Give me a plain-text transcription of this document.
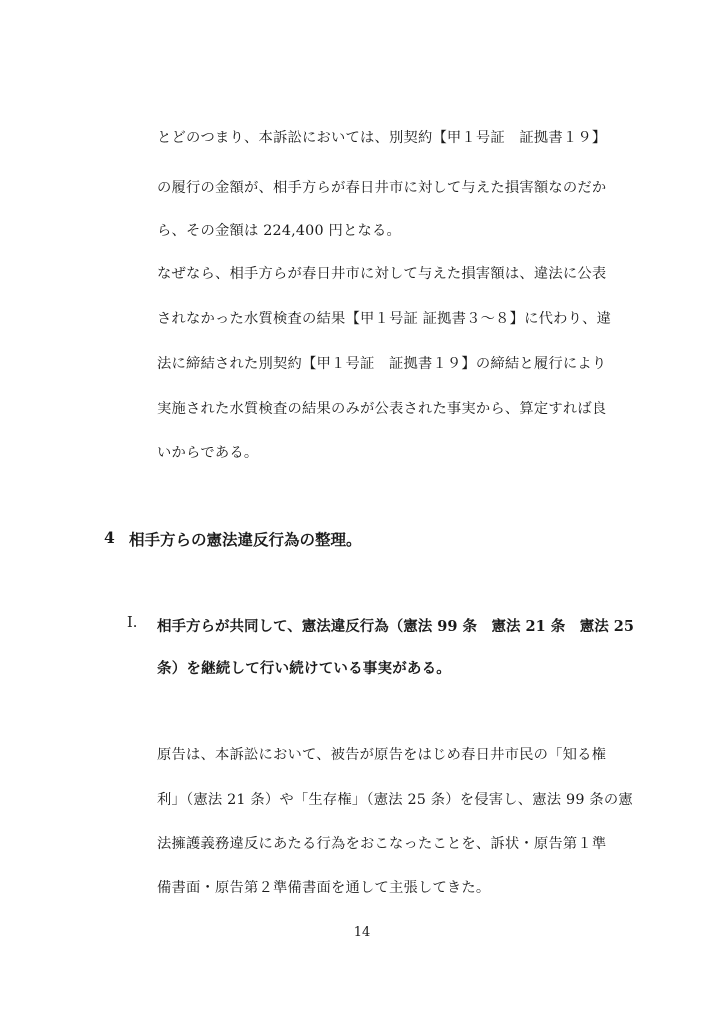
とどのつまり、本訴訟においては、別契約【甲１号証　証拠書１９】
の履行の金額が、相手方らが春日井市に対して与えた損害額なのだか
ら、その金額は 224,400 円となる。
なぜなら、相手方らが春日井市に対して与えた損害額は、違法に公表
されなかった水質検査の結果【甲１号証 証拠書３～８】に代わり、違
法に締結された別契約【甲１号証　証拠書１９】の締結と履行により
実施された水質検査の結果のみが公表された事実から、算定すれば良
いからである。
4 相手方らの憲法違反行為の整理。
I. 相手方らが共同して、憲法違反行為（憲法 99 条　憲法 21 条　憲法 25
条）を継続して行い続けている事実がある。
原告は、本訴訟において、被告が原告をはじめ春日井市民の「知る権
利」（憲法 21 条）や「生存権」（憲法 25 条）を侵害し、憲法 99 条の憲
法擁護義務違反にあたる行為をおこなったことを、訴状・原告第１準
備書面・原告第２準備書面を通して主張してきた。
14
